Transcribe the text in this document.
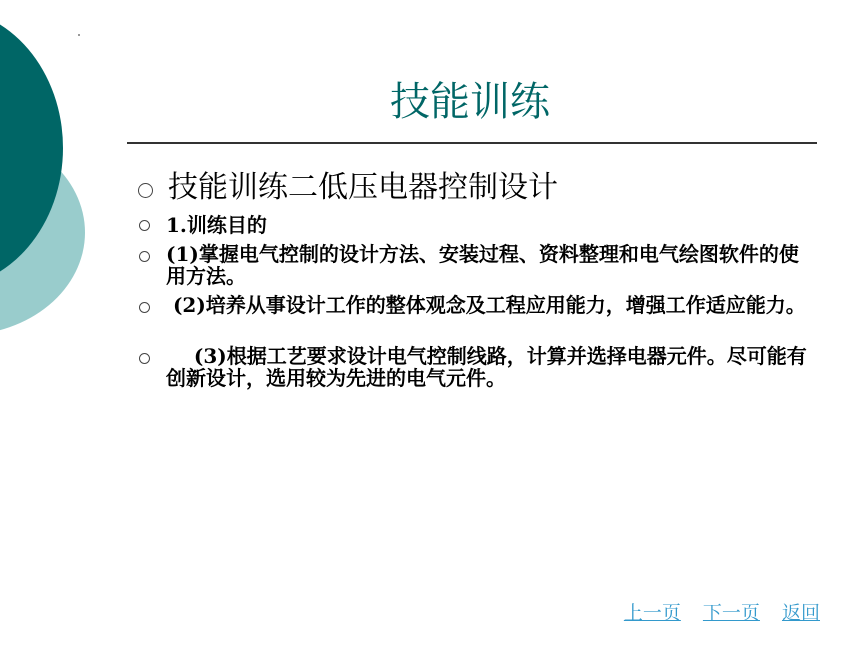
技能训练
技能训练二低压电器控制设计
1.训练目的
(1)掌握电气控制的设计方法、安装过程、资料整理和电气绘图软件的使用方法。
(2)培养从事设计工作的整体观念及工程应用能力，增强工作适应能力。
(3)根据工艺要求设计电气控制线路，计算并选择电器元件。尽可能有创新设计，选用较为先进的电气元件。
上一页 下一页 返回
